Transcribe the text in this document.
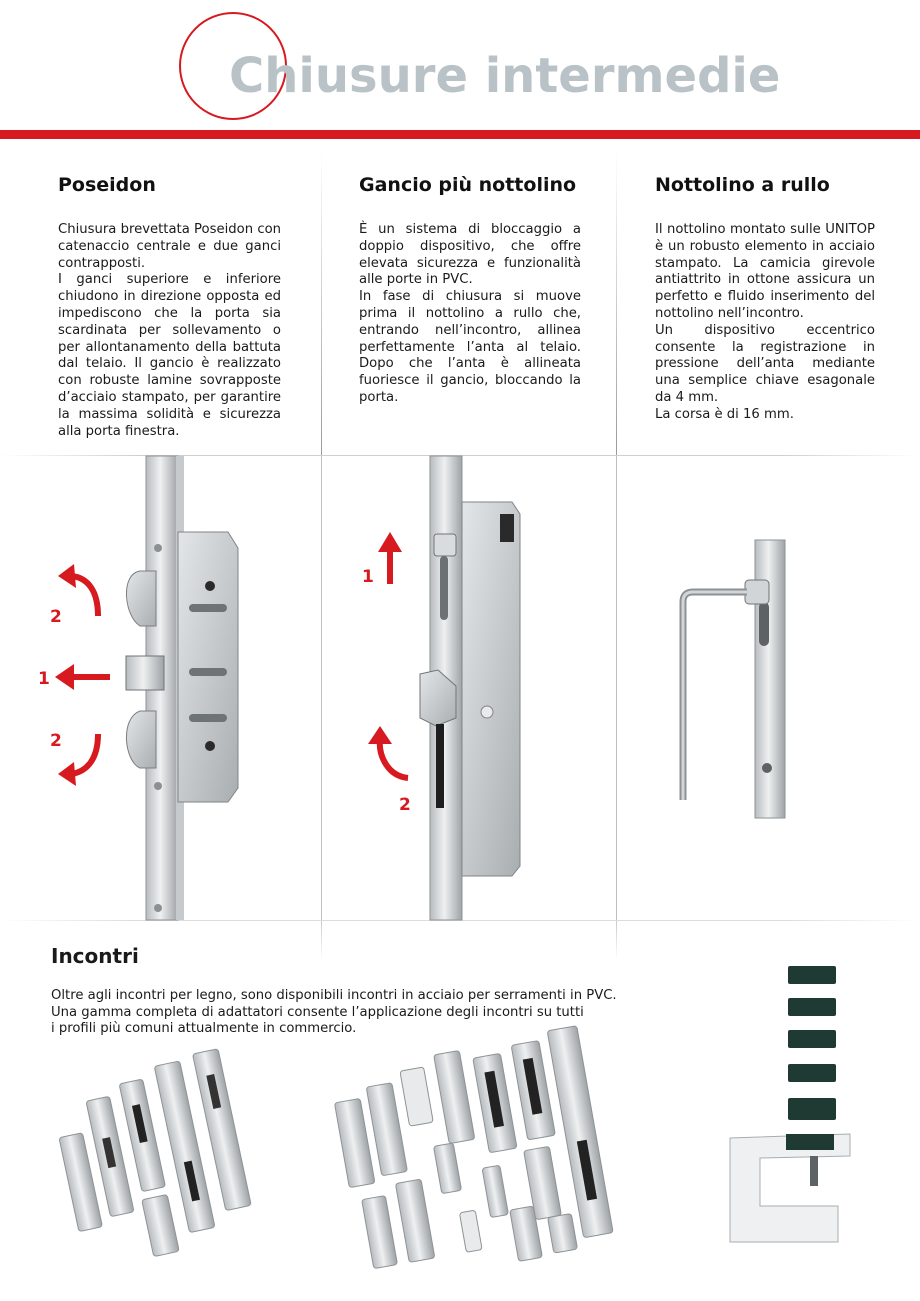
Chiusure intermedie
Poseidon

Chiusura brevettata Poseidon con catenaccio centrale e due ganci contrapposti.

I ganci superiore e inferiore chiudono in direzione opposta ed impediscono che la porta sia scardinata per sollevamento o per allontanamento della battuta dal telaio. Il gancio è realizzato con robuste lamine sovrapposte d’acciaio stampato, per garantire la massima solidità e sicurezza alla porta finestra.

Gancio più nottolino

È un sistema di bloccaggio a doppio dispositivo, che offre elevata sicurezza e funzionalità alle porte in PVC.

In fase di chiusura si muove prima il nottolino a rullo che, entrando nell’incontro, allinea perfettamente l’anta al telaio. Dopo che l’anta è allineata fuoriesce il gancio, bloccando la porta.

Nottolino a rullo

Il nottolino montato sulle UNITOP è un robusto elemento in acciaio stampato. La camicia girevole antiattrito in ottone assicura un perfetto e fluido inserimento del nottolino nell’incontro.

Un dispositivo eccentrico consente la registrazione in pressione dell’anta mediante una semplice chiave esagonale da 4 mm.

La corsa è di 16 mm.

2
1
2
1
2
Incontri

Oltre agli incontri per legno, sono disponibili incontri in acciaio per serramenti in PVC.

Una gamma completa di adattatori consente l’applicazione degli incontri su tutti

i profili più comuni attualmente in commercio.
